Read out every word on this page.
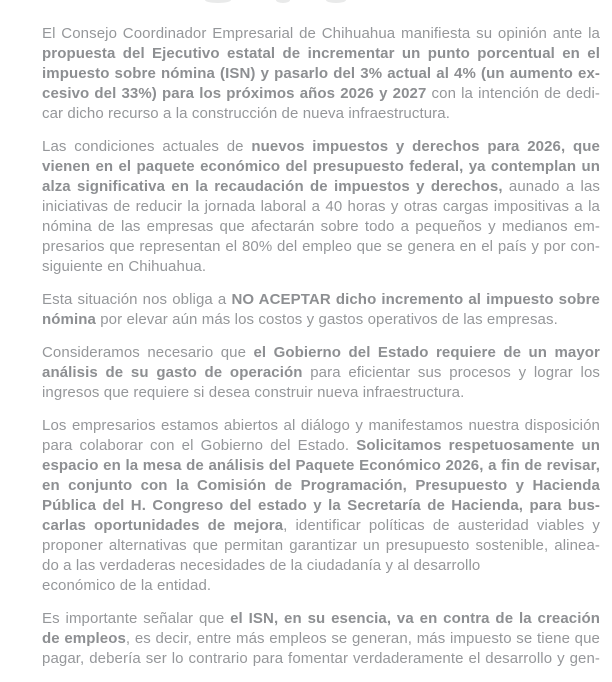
El Consejo Coordinador Empresarial de Chihuahua manifiesta su opinión ante la
propuesta del Ejecutivo estatal de incrementar un punto porcentual en el
impuesto sobre nómina (ISN) y pasarlo del 3% actual al 4% (un aumento ex-
cesivo del 33%) para los próximos años 2026 y 2027 con la intención de dedi-
car dicho recurso a la construcción de nueva infraestructura.
Las condiciones actuales de nuevos impuestos y derechos para 2026, que
vienen en el paquete económico del presupuesto federal, ya contemplan un
alza significativa en la recaudación de impuestos y derechos, aunado a las
iniciativas de reducir la jornada laboral a 40 horas y otras cargas impositivas a la
nómina de las empresas que afectarán sobre todo a pequeños y medianos em-
presarios que representan el 80% del empleo que se genera en el país y por con-
siguiente en Chihuahua.
Esta situación nos obliga a NO ACEPTAR dicho incremento al impuesto sobre
nómina por elevar aún más los costos y gastos operativos de las empresas.
Consideramos necesario que el Gobierno del Estado requiere de un mayor
análisis de su gasto de operación para eficientar sus procesos y lograr los
ingresos que requiere si desea construir nueva infraestructura.
Los empresarios estamos abiertos al diálogo y manifestamos nuestra disposición
para colaborar con el Gobierno del Estado. Solicitamos respetuosamente un
espacio en la mesa de análisis del Paquete Económico 2026, a fin de revisar,
en conjunto con la Comisión de Programación, Presupuesto y Hacienda
Pública del H. Congreso del estado y la Secretaría de Hacienda, para bus-
carlas oportunidades de mejora, identificar políticas de austeridad viables y
proponer alternativas que permitan garantizar un presupuesto sostenible, alinea-
do a las verdaderas necesidades de la ciudadanía y al desarrollo
económico de la entidad.
Es importante señalar que el ISN, en su esencia, va en contra de la creación
de empleos, es decir, entre más empleos se generan, más impuesto se tiene que
pagar, debería ser lo contrario para fomentar verdaderamente el desarrollo y gen-
